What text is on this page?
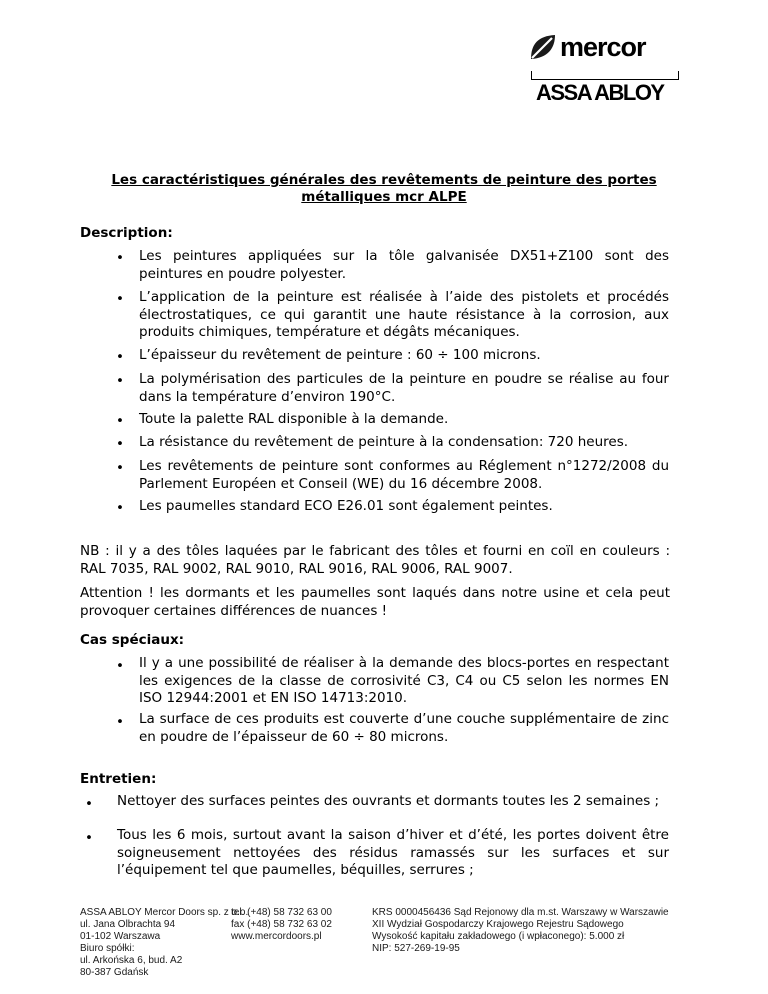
mercor
ASSA ABLOY
Les caractéristiques générales des revêtements de peinture des portes métalliques mcr ALPE
Description:
• Les peintures appliquées sur la tôle galvanisée DX51+Z100 sont des peintures en poudre polyester.
• L’application de la peinture est réalisée à l’aide des pistolets et procédés électrostatiques, ce qui garantit une haute résistance à la corrosion, aux produits chimiques, température et dégâts mécaniques.
• L’épaisseur du revêtement de peinture : 60 ÷ 100 microns.
• La polymérisation des particules de la peinture en poudre se réalise au four dans la température d’environ 190°C.
• Toute la palette RAL disponible à la demande.
• La résistance du revêtement de peinture à la condensation: 720 heures.
• Les revêtements de peinture sont conformes au Réglement n°1272/2008 du Parlement Européen et Conseil (WE) du 16 décembre 2008.
• Les paumelles standard ECO E26.01 sont également peintes.
NB : il y a des tôles laquées par le fabricant des tôles et fourni en coïl en couleurs : RAL 7035, RAL 9002, RAL 9010, RAL 9016, RAL 9006, RAL 9007.
Attention ! les dormants et les paumelles sont laqués dans notre usine et cela peut provoquer certaines différences de nuances !
Cas spéciaux:
• Il y a une possibilité de réaliser à la demande des blocs-portes en respectant les exigences de la classe de corrosivité C3, C4 ou C5 selon les normes EN ISO 12944:2001 et EN ISO 14713:2010.
• La surface de ces produits est couverte d’une couche supplémentaire de zinc en poudre de l’épaisseur de 60 ÷ 80 microns.
Entretien:
• Nettoyer des surfaces peintes des ouvrants et dormants toutes les 2 semaines ;
• Tous les 6 mois, surtout avant la saison d’hiver et d’été, les portes doivent être soigneusement nettoyées des résidus ramassés sur les surfaces et sur l’équipement tel que paumelles, béquilles, serrures ;
ASSA ABLOY Mercor Doors sp. z o.o.
ul. Jana Olbrachta 94
01-102 Warszawa
Biuro spółki:
ul. Arkońska 6, bud. A2
80-387 Gdańsk
tel. (+48) 58 732 63 00
fax (+48) 58 732 63 02
www.mercordoors.pl
KRS 0000456436 Sąd Rejonowy dla m.st. Warszawy w Warszawie
XII Wydział Gospodarczy Krajowego Rejestru Sądowego
Wysokość kapitału zakładowego (i wpłaconego): 5.000 zł
NIP: 527-269-19-95
